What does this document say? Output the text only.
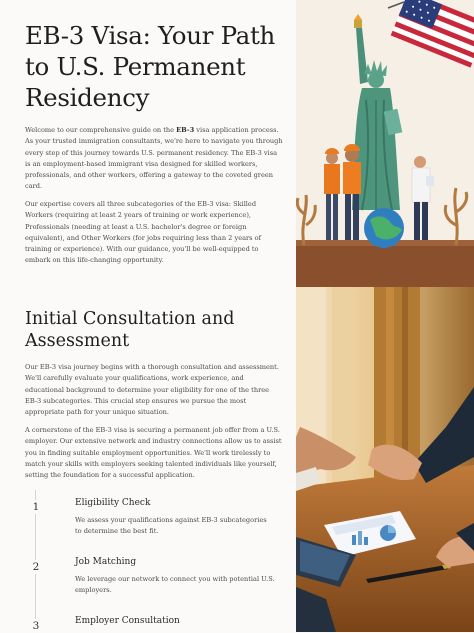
EB-3 Visa: Your Path to U.S. Permanent Residency

Welcome to our comprehensive guide on the EB-3 visa application process. As your trusted immigration consultants, we're here to navigate you through every step of this journey towards U.S. permanent residency. The EB-3 visa is an employment-based immigrant visa designed for skilled workers, professionals, and other workers, offering a gateway to the coveted green card.

Our expertise covers all three subcategories of the EB-3 visa: Skilled Workers (requiring at least 2 years of training or work experience), Professionals (needing at least a U.S. bachelor's degree or foreign equivalent), and Other Workers (for jobs requiring less than 2 years of training or experience). With our guidance, you'll be well-equipped to embark on this life-changing opportunity.

Initial Consultation and Assessment

Our EB-3 visa journey begins with a thorough consultation and assessment. We'll carefully evaluate your qualifications, work experience, and educational background to determine your eligibility for one of the three EB-3 subcategories. This crucial step ensures we pursue the most appropriate path for your unique situation.

A cornerstone of the EB-3 visa is securing a permanent job offer from a U.S. employer. Our extensive network and industry connections allow us to assist you in finding suitable employment opportunities. We'll work tirelessly to match your skills with employers seeking talented individuals like yourself, setting the foundation for a successful application.

1	Eligibility Check
We assess your qualifications against EB-3 subcategories to determine the best fit.
2	Job Matching
We leverage our network to connect you with potential U.S. employers.
3	Employer Consultation
